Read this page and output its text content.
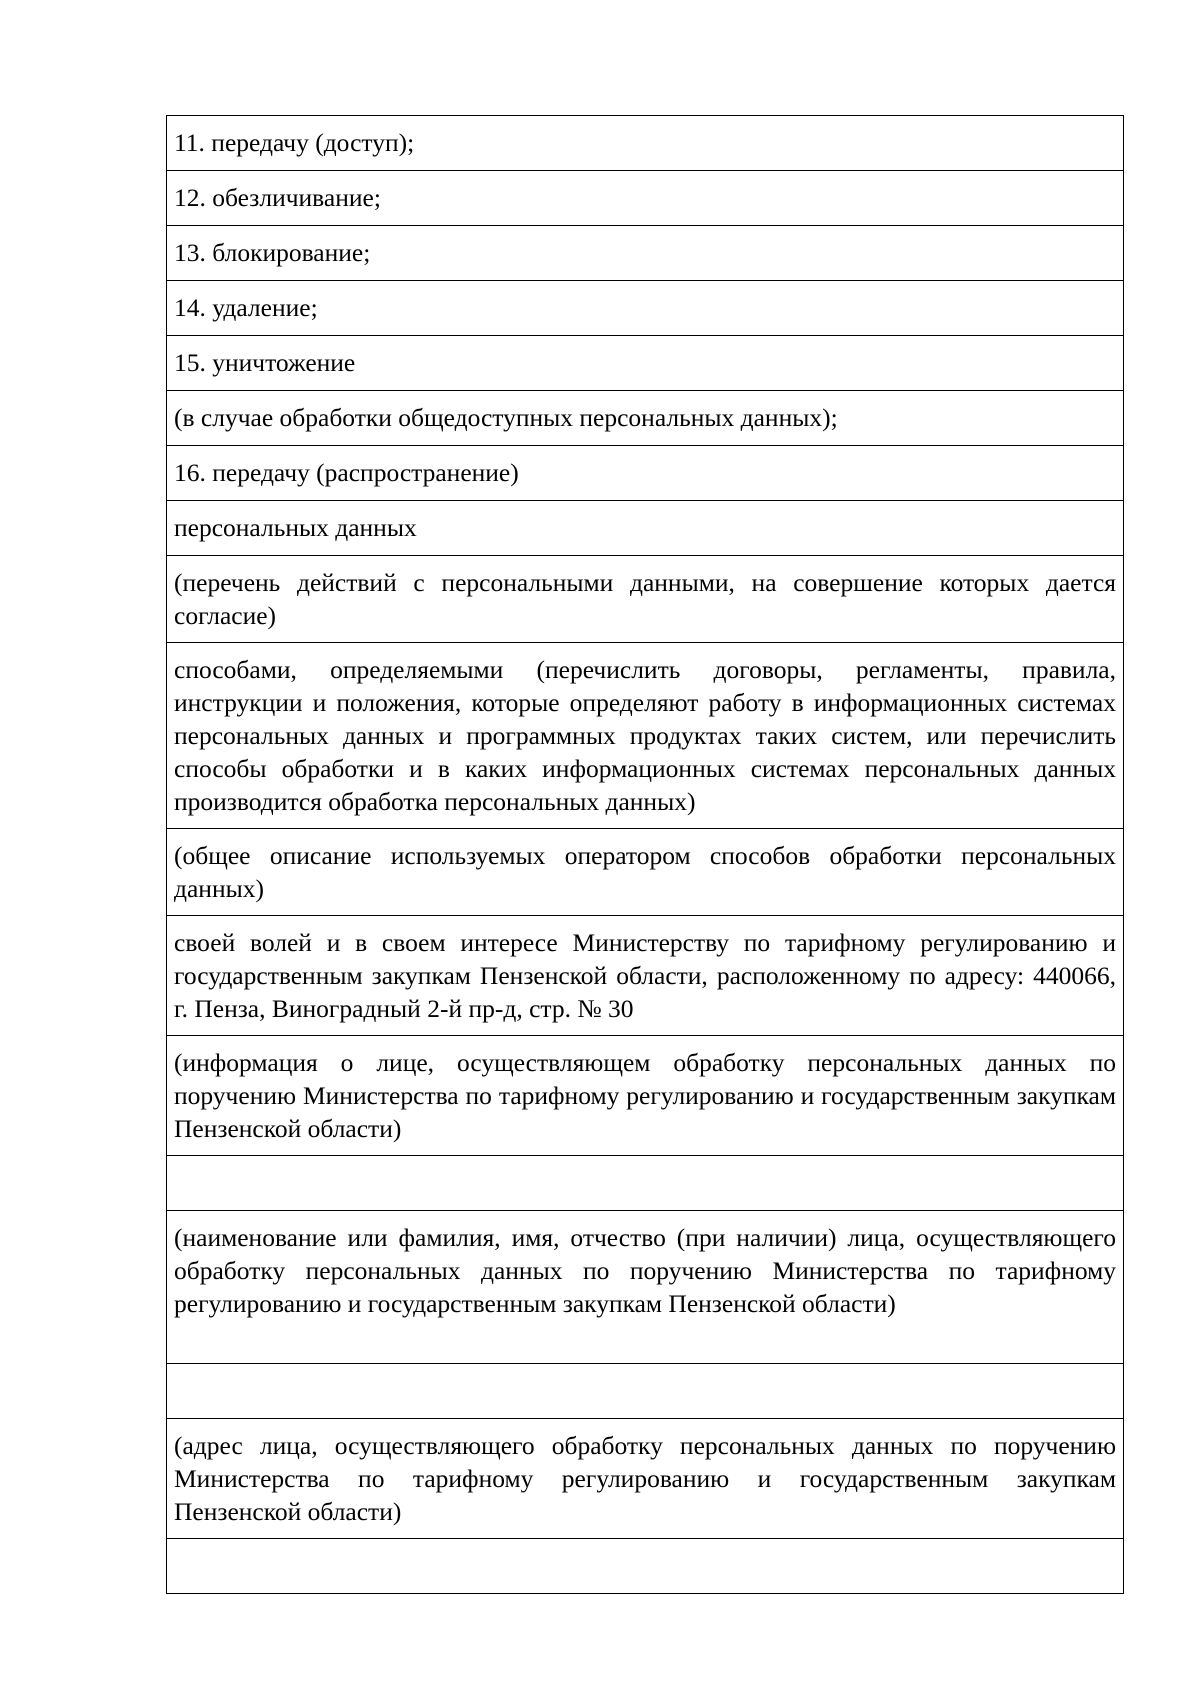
11. передачу (доступ);

12. обезличивание;

13. блокирование;

14. удаление;

15. уничтожение

(в случае обработки общедоступных персональных данных);

16. передачу (распространение)

персональных данных

(перечень действий с персональными данными, на совершение которых дается согласие)

способами, определяемыми (перечислить договоры, регламенты, правила, инструкции и положения, которые определяют работу в информационных системах персональных данных и программных продуктах таких систем, или перечислить способы обработки и в каких информационных системах персональных данных производится обработка персональных данных)

(общее описание используемых оператором способов обработки персональных данных)

своей волей и в своем интересе Министерству по тарифному регулированию и государственным закупкам Пензенской области, расположенному по адресу: 440066, г. Пенза, Виноградный 2-й пр-д, стр. № 30

(информация о лице, осуществляющем обработку персональных данных по поручению Министерства по тарифному регулированию и государственным закупкам Пензенской области)

(наименование или фамилия, имя, отчество (при наличии) лица, осуществляющего обработку персональных данных по поручению Министерства по тарифному регулированию и государственным закупкам Пензенской области)

(адрес лица, осуществляющего обработку персональных данных по поручению Министерства по тарифному регулированию и государственным закупкам Пензенской области)
